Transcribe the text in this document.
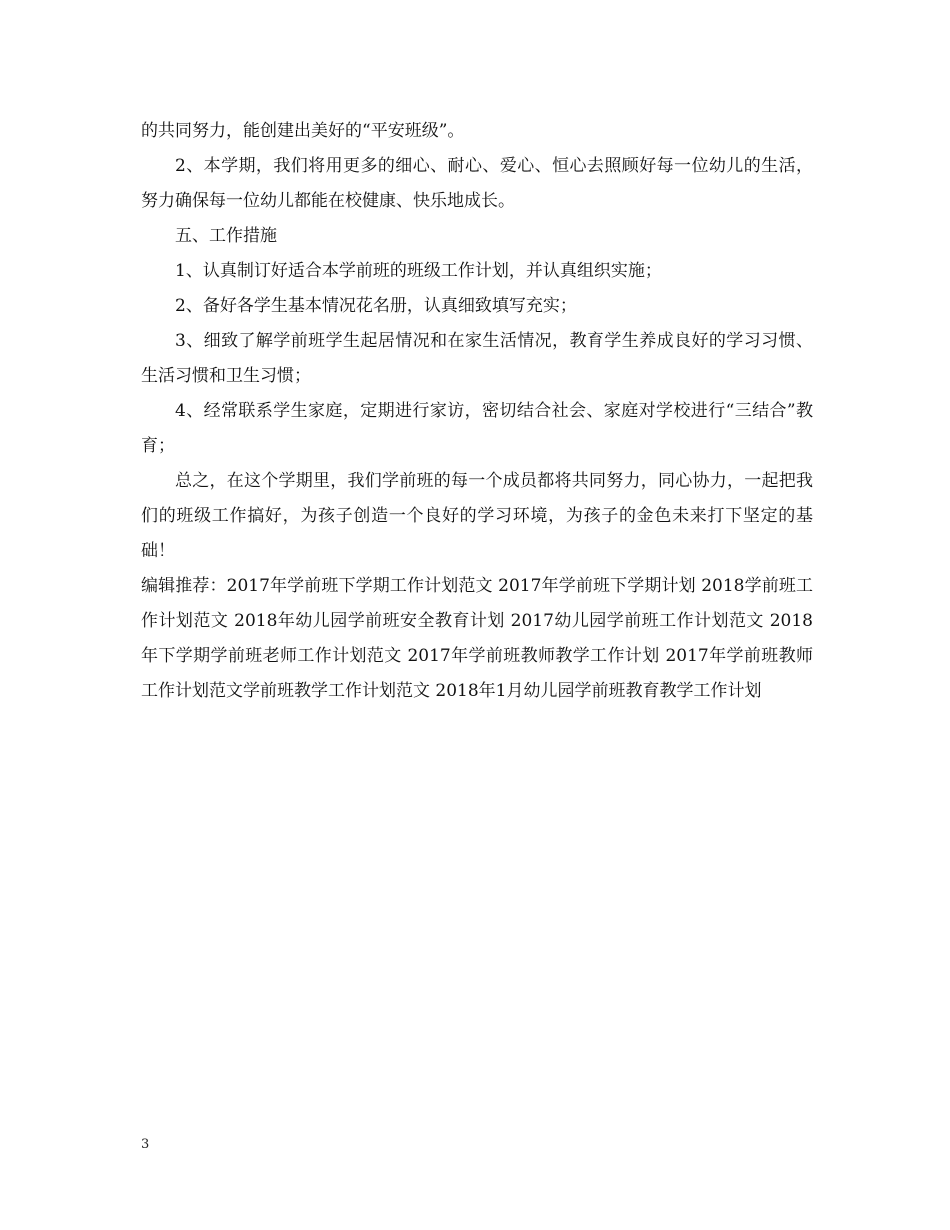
的共同努力，能创建出美好的“平安班级”。

2、本学期，我们将用更多的细心、耐心、爱心、恒心去照顾好每一位幼儿的生活，努力确保每一位幼儿都能在校健康、快乐地成长。

五、工作措施

1、认真制订好适合本学前班的班级工作计划，并认真组织实施；

2、备好各学生基本情况花名册，认真细致填写充实；

3、细致了解学前班学生起居情况和在家生活情况，教育学生养成良好的学习习惯、生活习惯和卫生习惯；

4、经常联系学生家庭，定期进行家访，密切结合社会、家庭对学校进行“三结合”教育；

总之，在这个学期里，我们学前班的每一个成员都将共同努力，同心协力，一起把我们的班级工作搞好，为孩子创造一个良好的学习环境，为孩子的金色未来打下坚定的基础！

编辑推荐：2017年学前班下学期工作计划范文 2017年学前班下学期计划 2018学前班工作计划范文 2018年幼儿园学前班安全教育计划 2017幼儿园学前班工作计划范文 2018年下学期学前班老师工作计划范文 2017年学前班教师教学工作计划 2017年学前班教师工作计划范文学前班教学工作计划范文 2018年1月幼儿园学前班教育教学工作计划

3
